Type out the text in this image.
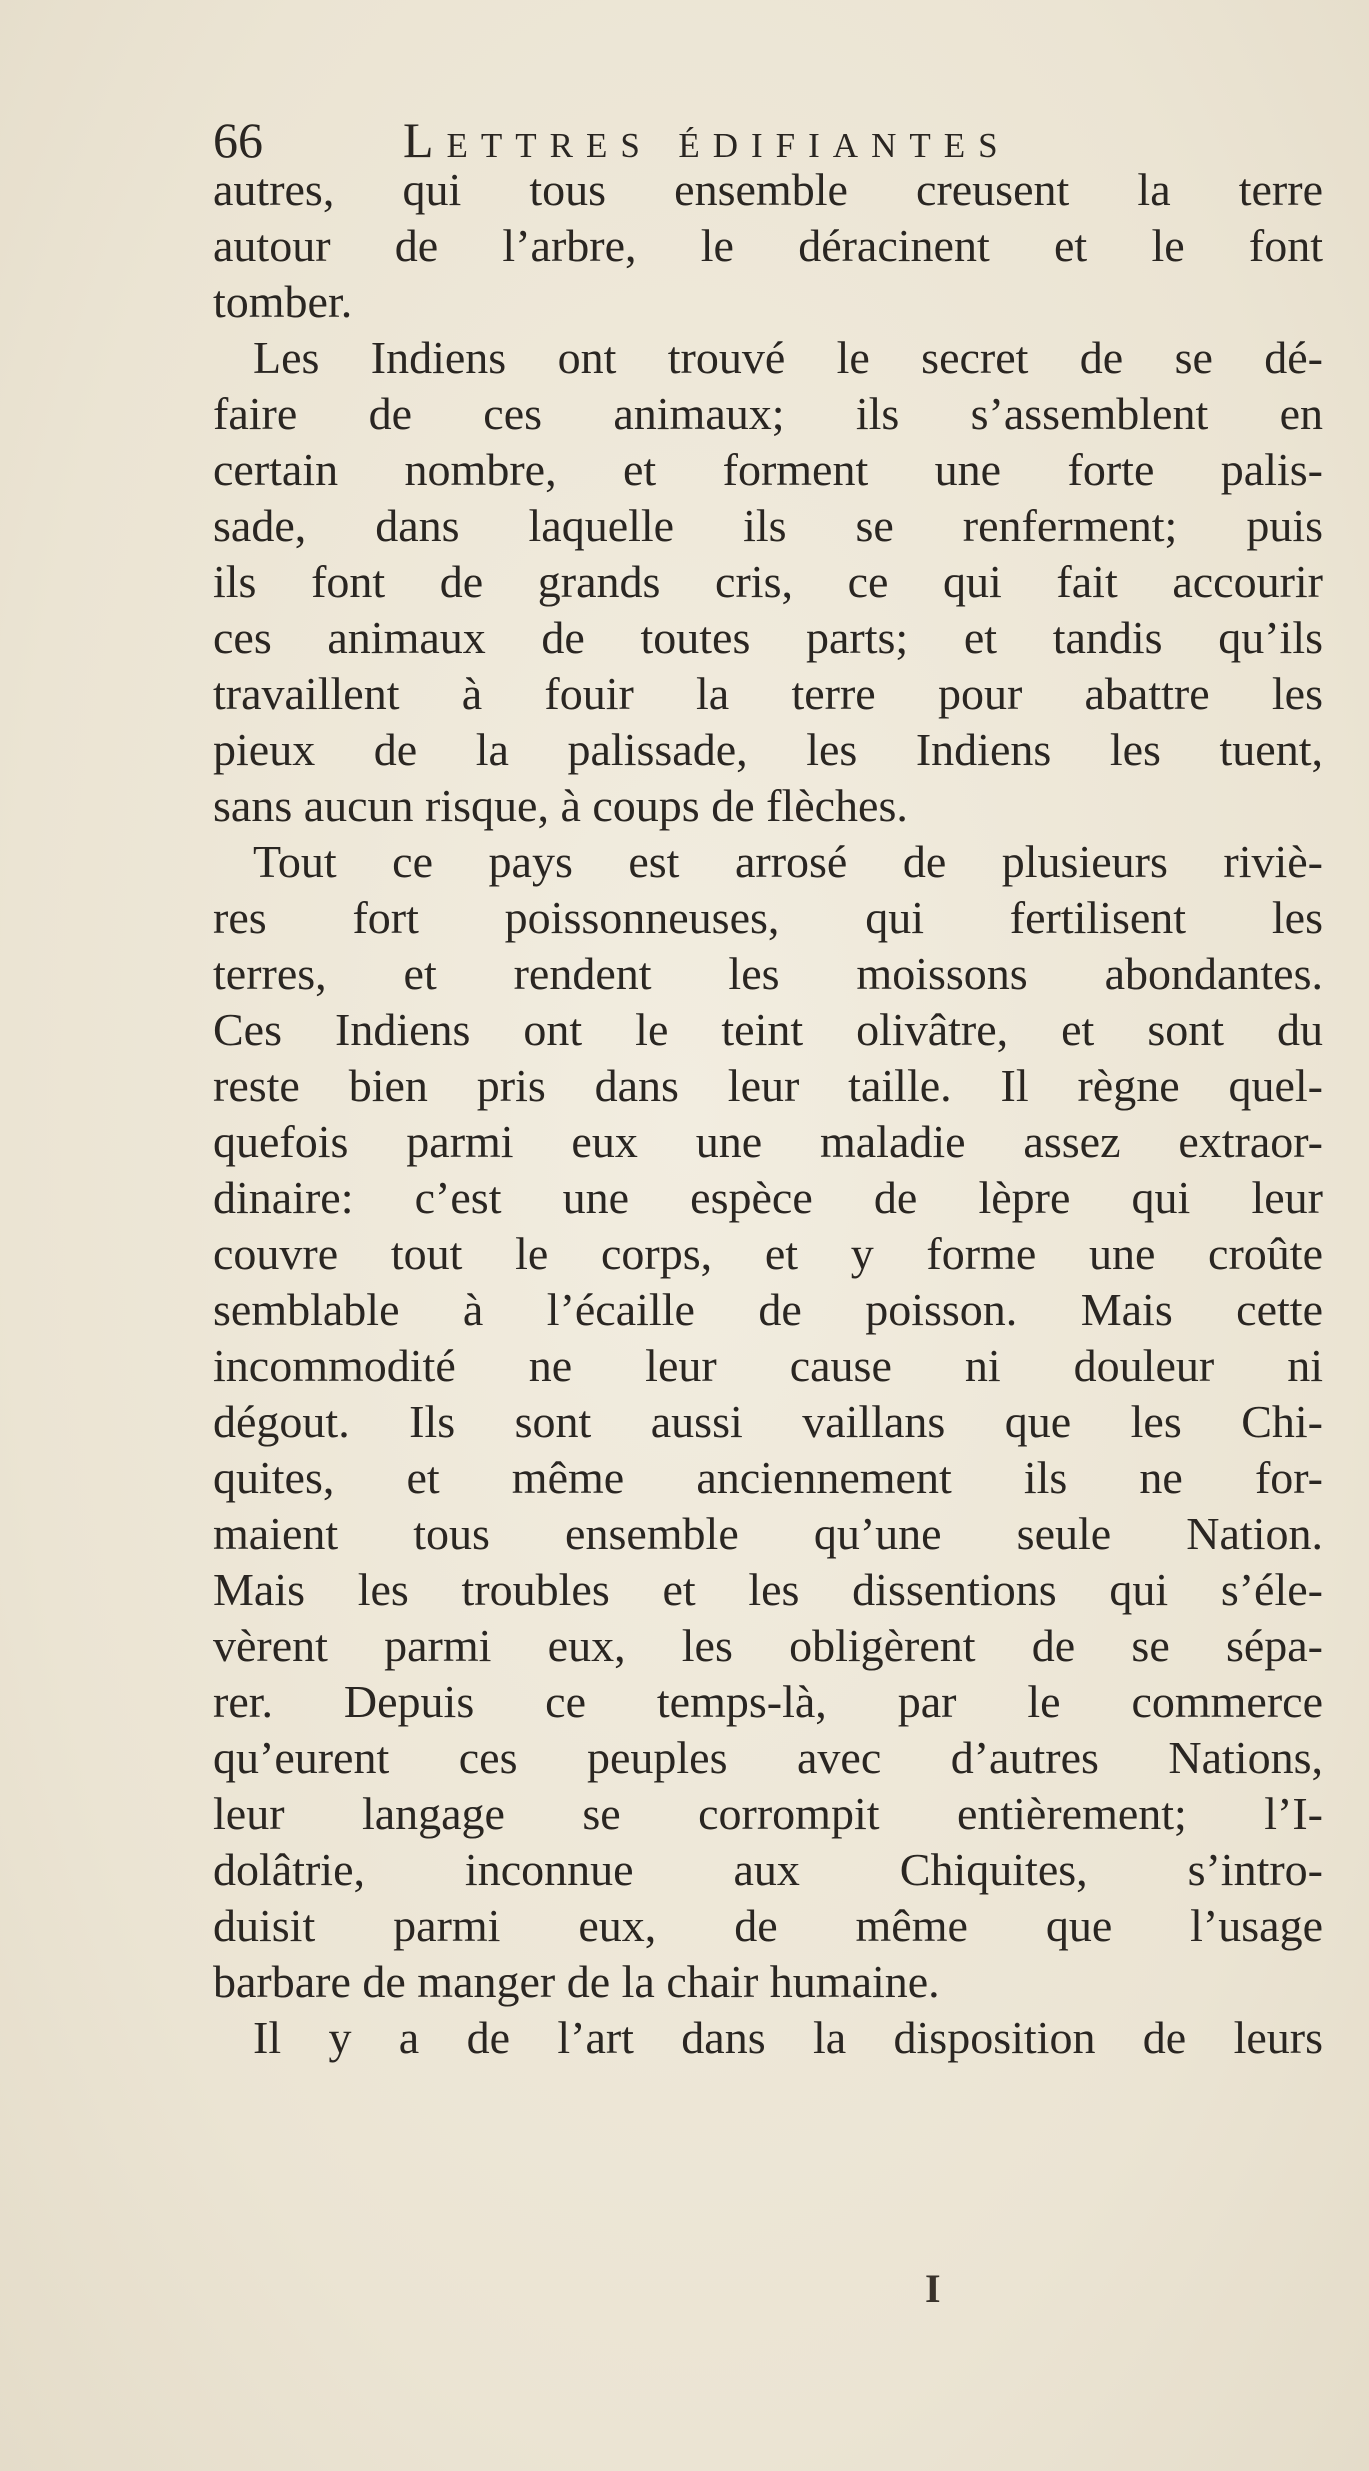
66	Lettres édifiantes
autres, qui tous ensemble creusent la terre
autour de l’arbre, le déracinent et le font
tomber.
Les Indiens ont trouvé le secret de se dé-
faire de ces animaux; ils s’assemblent en
certain nombre, et forment une forte palis-
sade, dans laquelle ils se renferment; puis
ils font de grands cris, ce qui fait accourir
ces animaux de toutes parts; et tandis qu’ils
travaillent à fouir la terre pour abattre les
pieux de la palissade, les Indiens les tuent,
sans aucun risque, à coups de flèches.
Tout ce pays est arrosé de plusieurs riviè-
res fort poissonneuses, qui fertilisent les
terres, et rendent les moissons abondantes.
Ces Indiens ont le teint olivâtre, et sont du
reste bien pris dans leur taille. Il règne quel-
quefois parmi eux une maladie assez extraor-
dinaire: c’est une espèce de lèpre qui leur
couvre tout le corps, et y forme une croûte
semblable à l’écaille de poisson. Mais cette
incommodité ne leur cause ni douleur ni
dégout. Ils sont aussi vaillans que les Chi-
quites, et même anciennement ils ne for-
maient tous ensemble qu’une seule Nation.
Mais les troubles et les dissentions qui s’éle-
vèrent parmi eux, les obligèrent de se sépa-
rer. Depuis ce temps-là, par le commerce
qu’eurent ces peuples avec d’autres Nations,
leur langage se corrompit entièrement; l’I-
dolâtrie, inconnue aux Chiquites, s’intro-
duisit parmi eux, de même que l’usage
barbare de manger de la chair humaine.
Il y a de l’art dans la disposition de leurs
I
